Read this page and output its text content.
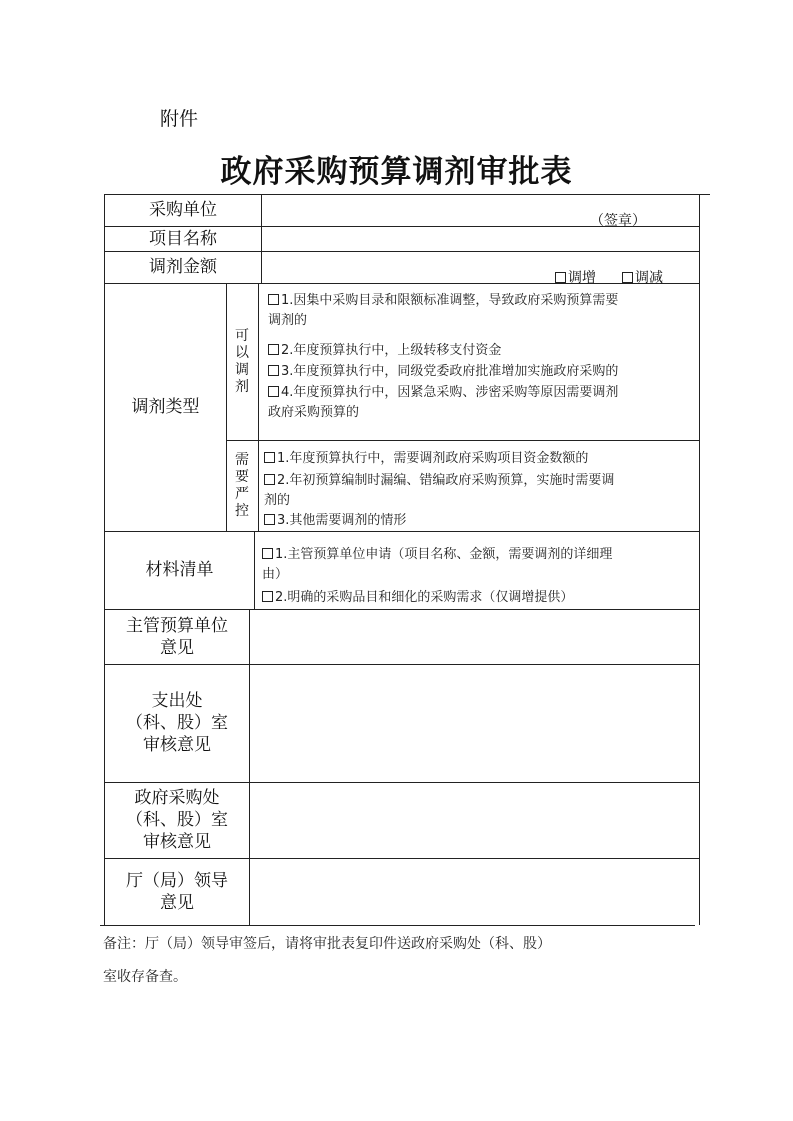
附件
政府采购预算调剂审批表
采购单位
（签章）
项目名称
调剂金额
调增	调减
调剂类型
可
以
调
剂
1.因集中采购目录和限额标准调整，导致政府采购预算需要
调剂的
2.年度预算执行中，上级转移支付资金
3.年度预算执行中，同级党委政府批准增加实施政府采购的
4.年度预算执行中，因紧急采购、涉密采购等原因需要调剂
政府采购预算的
需
要
严
控
1.年度预算执行中，需要调剂政府采购项目资金数额的
2.年初预算编制时漏编、错编政府采购预算，实施时需要调
剂的
3.其他需要调剂的情形
材料清单
1.主管预算单位申请（项目名称、金额，需要调剂的详细理
由）
2.明确的采购品目和细化的采购需求（仅调增提供）
主管预算单位
意见
支出处
（科、股）室
审核意见
政府采购处
（科、股）室
审核意见
厅（局）领导
意见
备注：厅（局）领导审签后，请将审批表复印件送政府采购处（科、股）
室收存备查。
